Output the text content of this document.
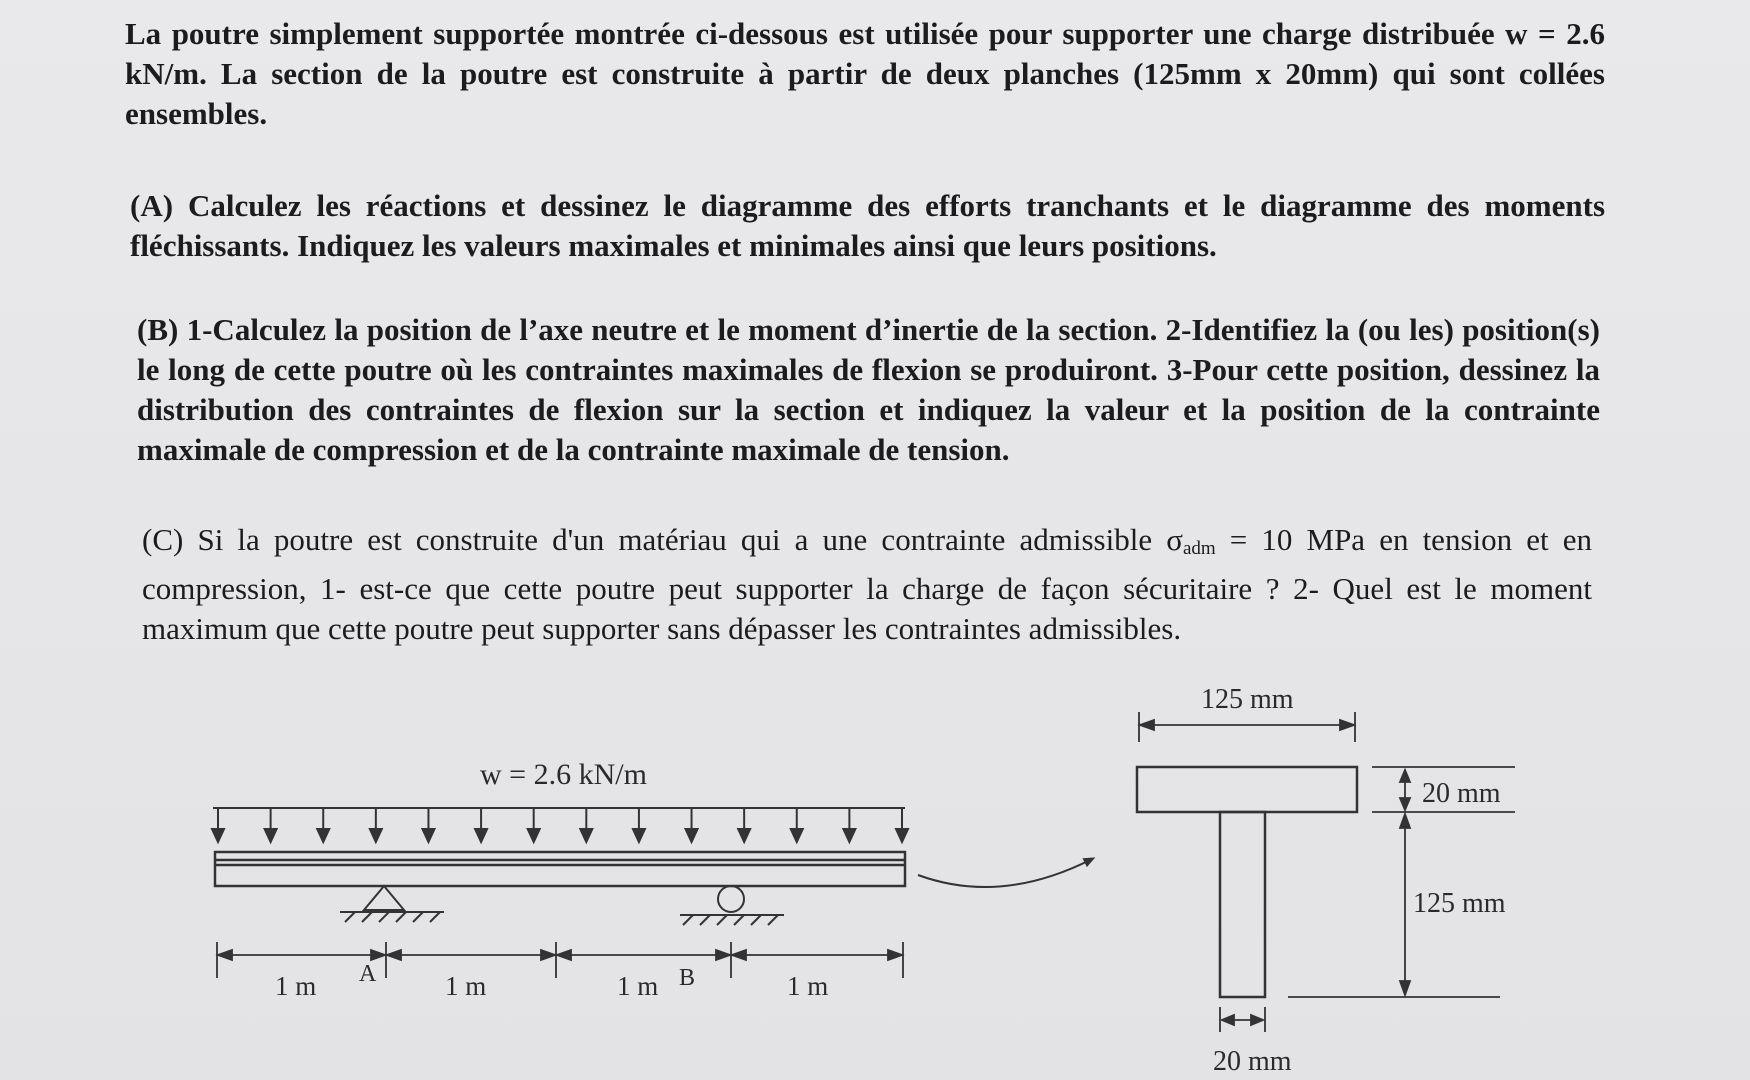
La poutre simplement supportée montrée ci-dessous est utilisée pour supporter une charge distribuée w = 2.6 kN/m. La section de la poutre est construite à partir de deux planches (125mm x 20mm) qui sont collées ensembles.

(A) Calculez les réactions et dessinez le diagramme des efforts tranchants et le diagramme des moments fléchissants. Indiquez les valeurs maximales et minimales ainsi que leurs positions.

(B) 1-Calculez la position de l’axe neutre et le moment d’inertie de la section. 2-Identifiez la (ou les) position(s) le long de cette poutre où les contraintes maximales de flexion se produiront. 3-Pour cette position, dessinez la distribution des contraintes de flexion sur la section et indiquez la valeur et la position de la contrainte maximale de compression et de la contrainte maximale de tension.

(C) Si la poutre est construite d'un matériau qui a une contrainte admissible $\sigma_{adm} = 10$ MPa en tension et en compression, 1- est-ce que cette poutre peut supporter la charge de façon sécuritaire ? 2- Quel est le moment maximum que cette poutre peut supporter sans dépasser les contraintes admissibles.

w = 2.6 kN/m
1 m	1 m	1 m	1 m
A	B
125 mm
20 mm
125 mm
20 mm
